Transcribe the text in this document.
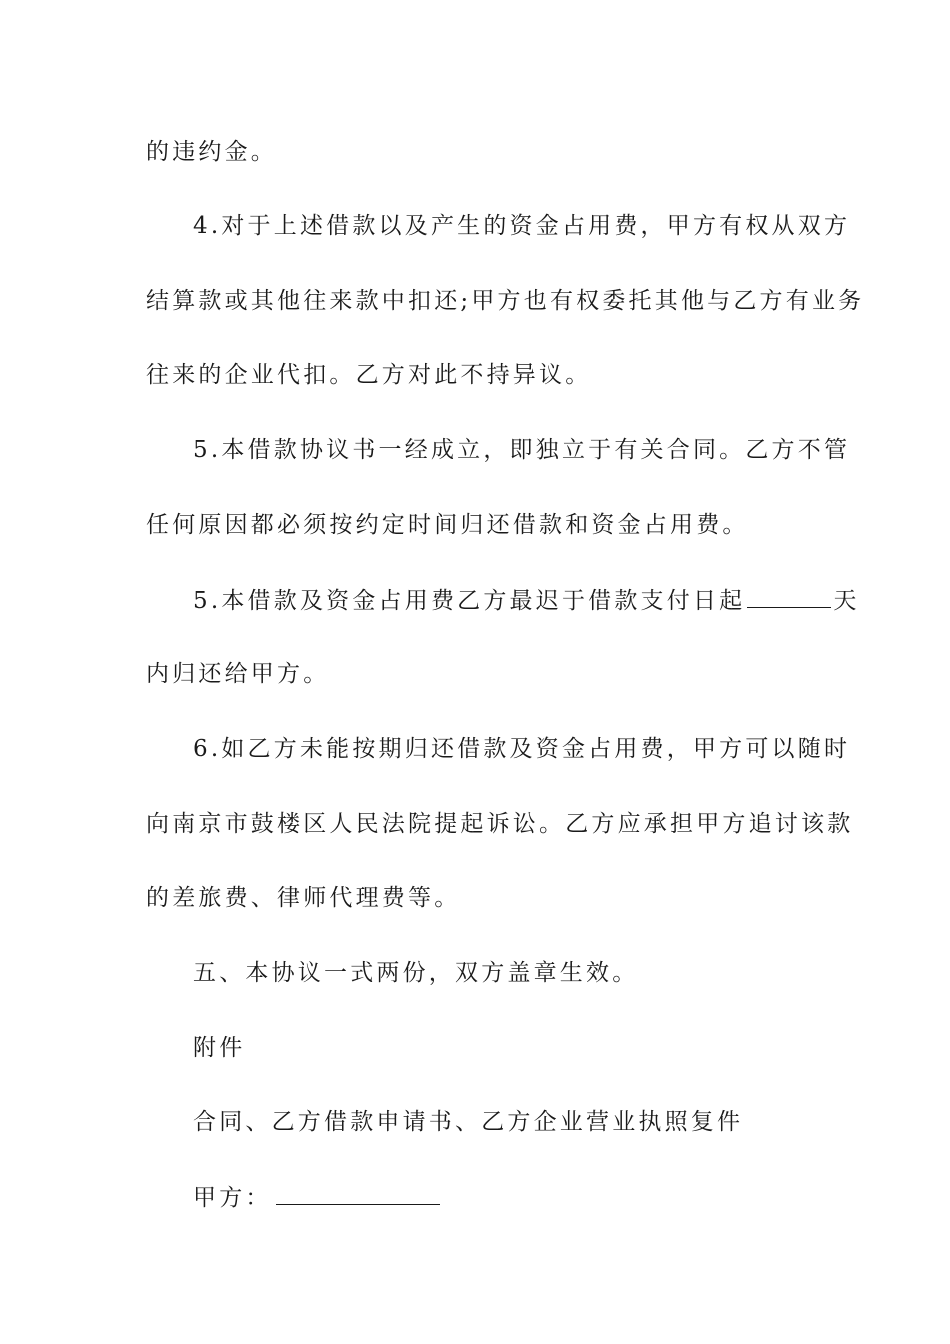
的违约金。
4.对于上述借款以及产生的资金占用费，甲方有权从双方
结算款或其他往来款中扣还;甲方也有权委托其他与乙方有业务
往来的企业代扣。乙方对此不持异议。
5.本借款协议书一经成立，即独立于有关合同。乙方不管
任何原因都必须按约定时间归还借款和资金占用费。
5.本借款及资金占用费乙方最迟于借款支付日起	天
内归还给甲方。
6.如乙方未能按期归还借款及资金占用费，甲方可以随时
向南京市鼓楼区人民法院提起诉讼。乙方应承担甲方追讨该款
的差旅费、律师代理费等。
五、本协议一式两份，双方盖章生效。
附件
合同、乙方借款申请书、乙方企业营业执照复件
甲方：
